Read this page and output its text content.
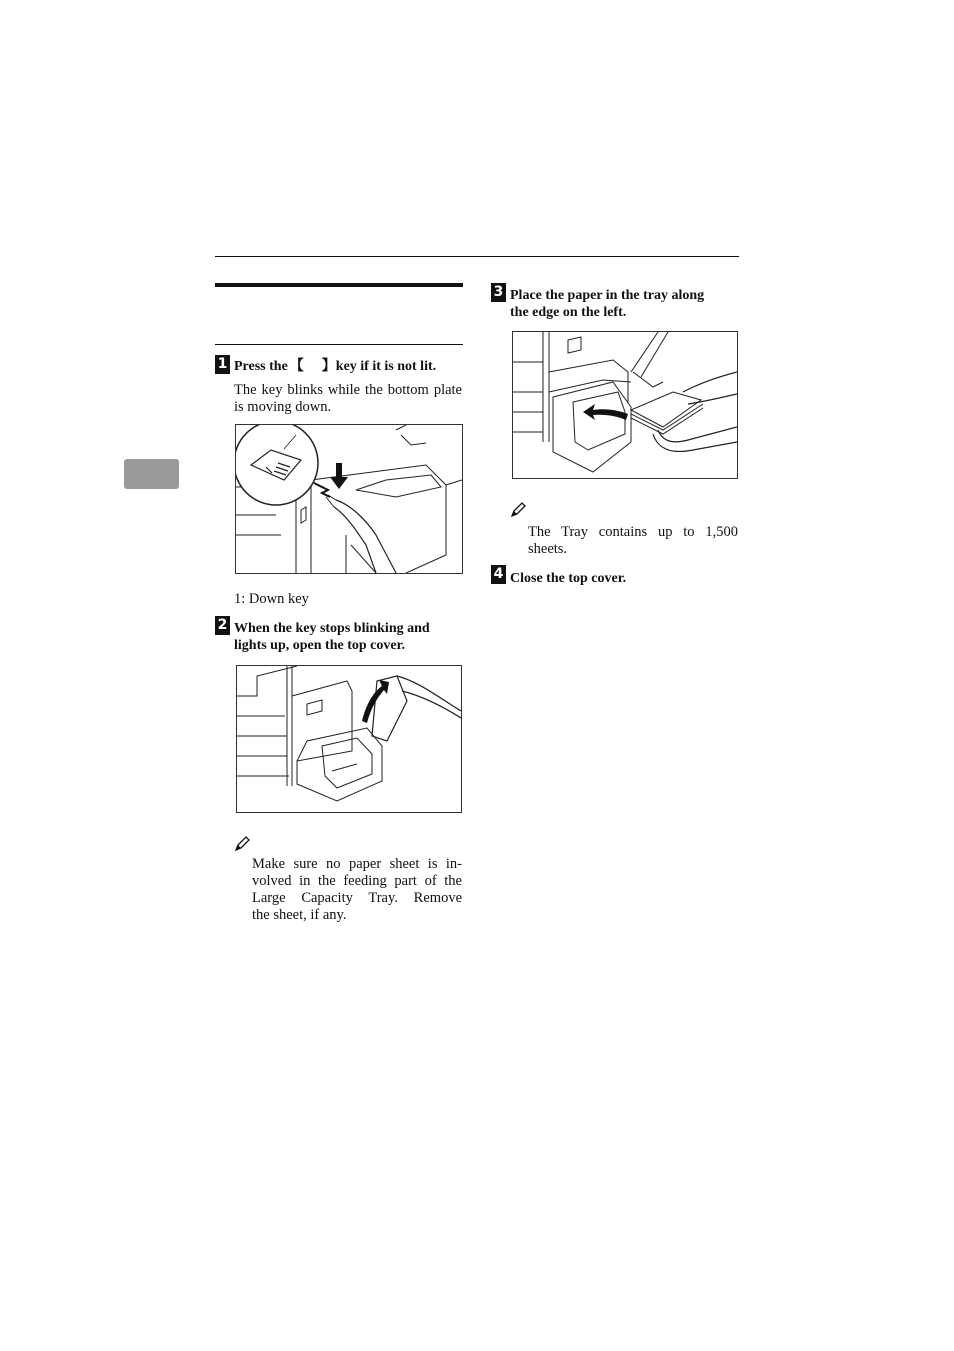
1 Press the 【 】key if it is not lit.
The key blinks while the bottom plate is moving down.
1: Down key
2 When the key stops blinking and
lights up, open the top cover.
Make sure no paper sheet is in-
volved in the feeding part of the
Large Capacity Tray. Remove
the sheet, if any.
3 Place the paper in the tray along
the edge on the left.
The Tray contains up to 1,500
sheets.
4 Close the top cover.
